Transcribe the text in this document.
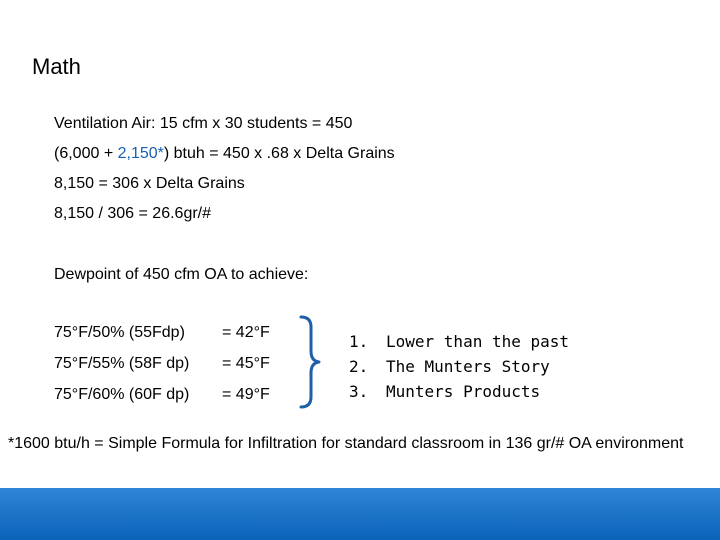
Math
Ventilation Air: 15 cfm x 30 students = 450
(6,000 + 2,150*) btuh = 450 x .68 x Delta Grains
8,150 = 306 x Delta Grains
8,150 / 306 = 26.6gr/#
Dewpoint of 450 cfm OA to achieve:
75°F/50% (55Fdp) = 42°F
75°F/55% (58F dp) = 45°F
75°F/60% (60F dp) = 49°F
1. Lower than the past
2. The Munters Story
3. Munters Products
*1600 btu/h = Simple Formula for Infiltration for standard classroom in 136 gr/# OA environment
